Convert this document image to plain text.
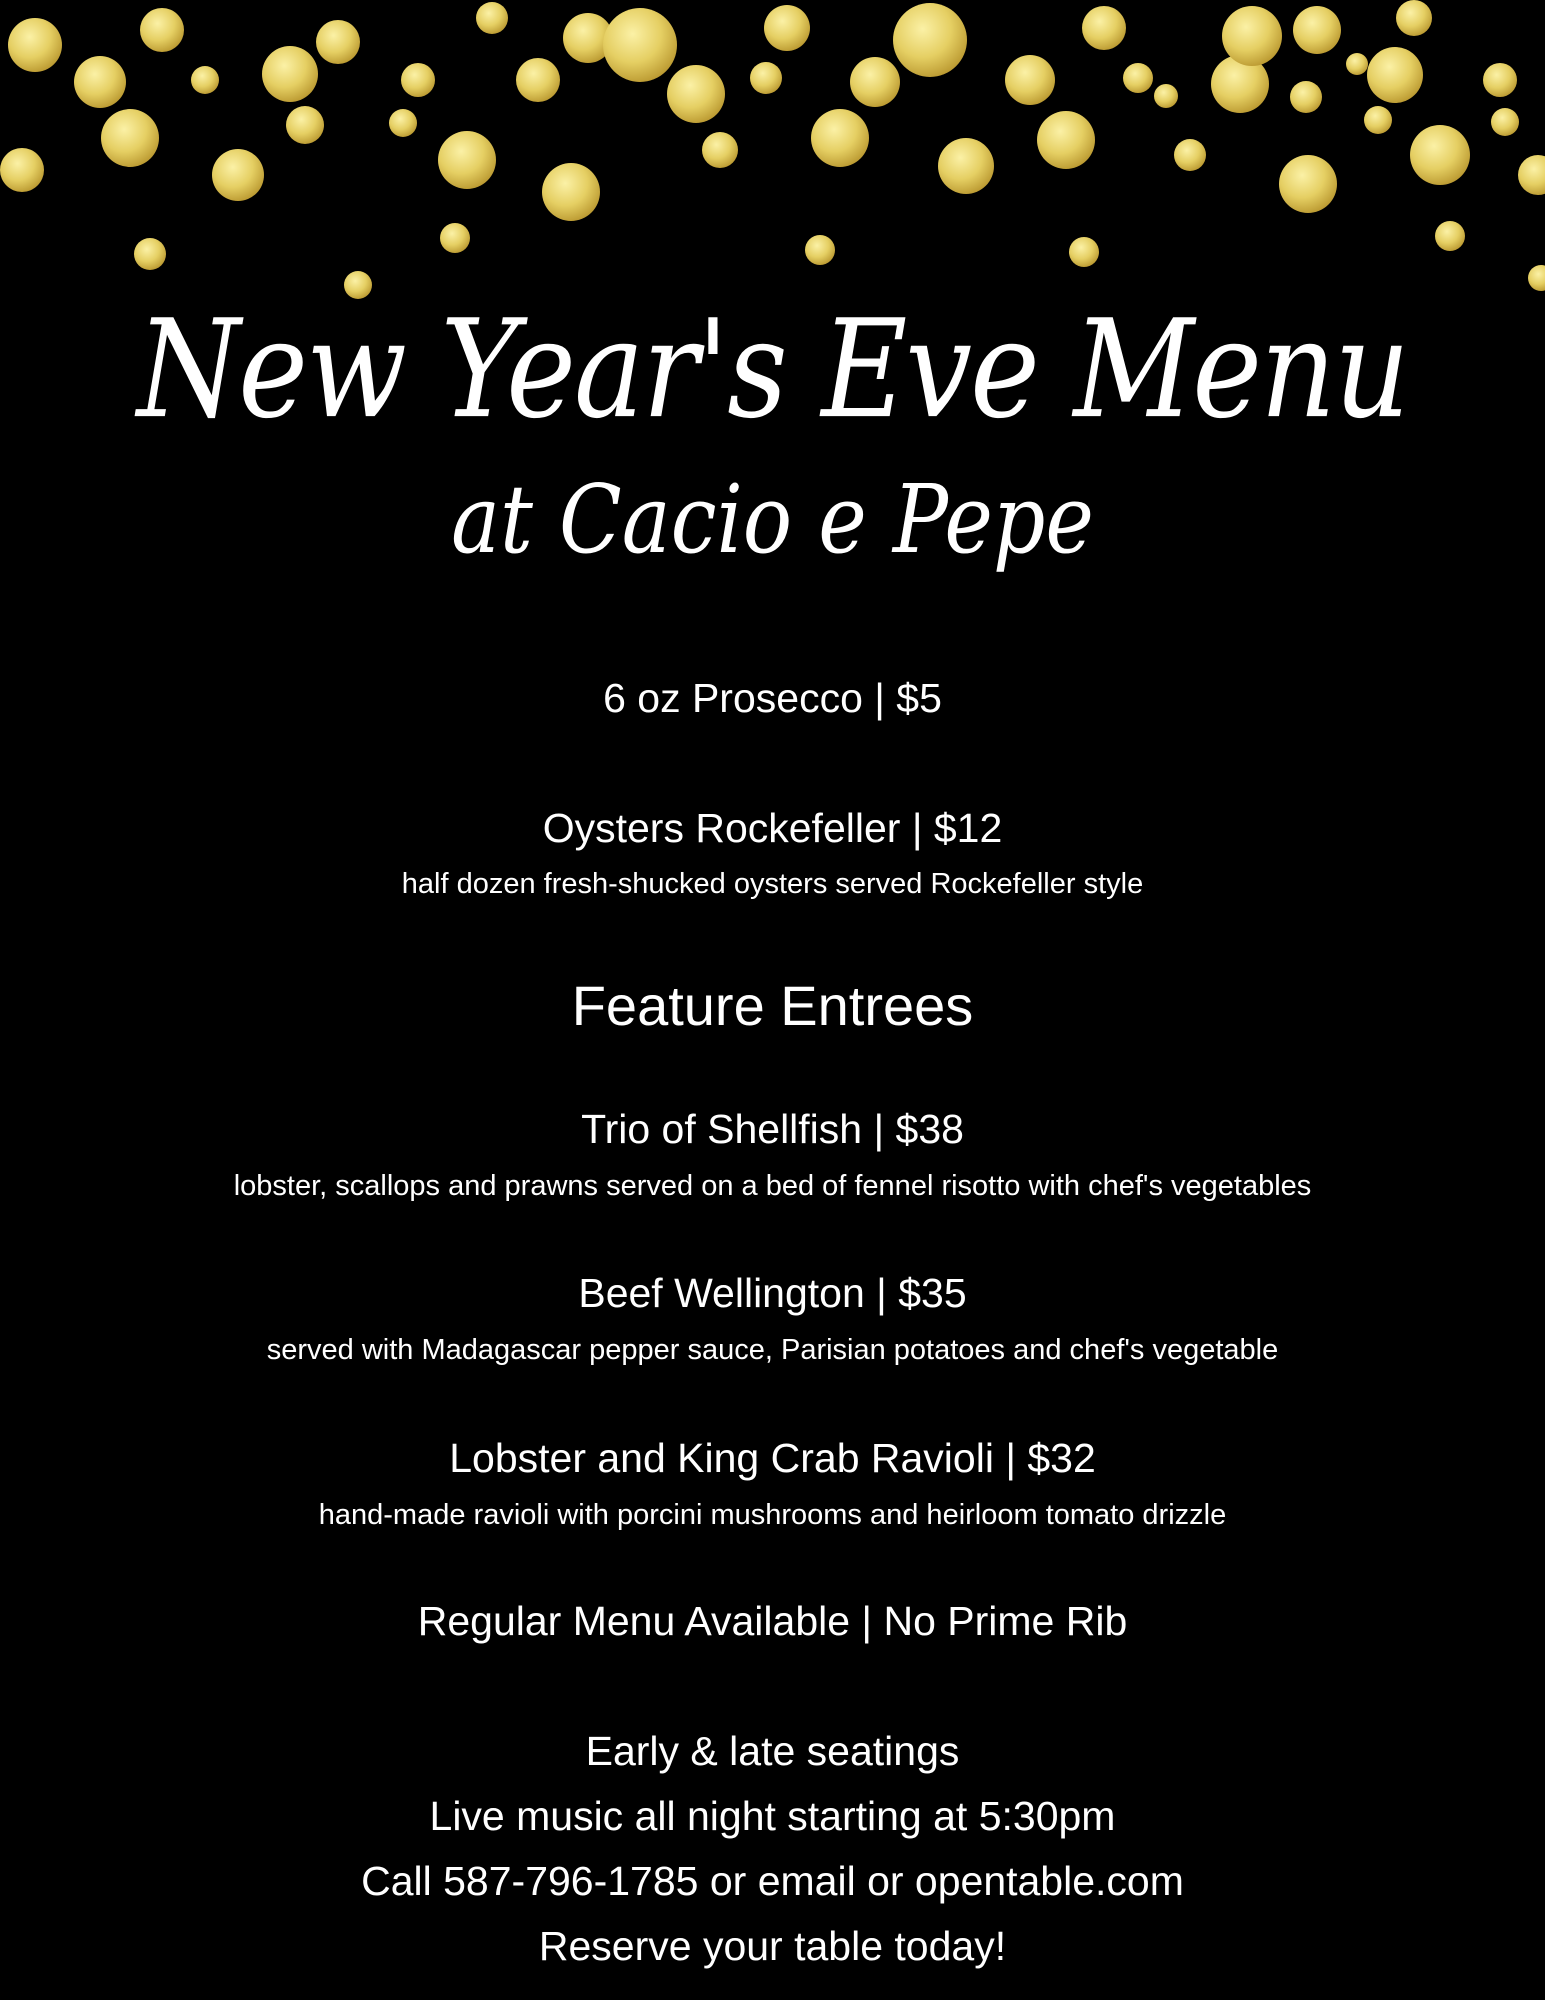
New Year's Eve Menu
at Cacio e Pepe
6 oz Prosecco | $5
Oysters Rockefeller | $12
half dozen fresh-shucked oysters served Rockefeller style
Feature Entrees
Trio of Shellfish | $38
lobster, scallops and prawns served on a bed of fennel risotto with chef's vegetables
Beef Wellington | $35
served with Madagascar pepper sauce, Parisian potatoes and chef's vegetable
Lobster and King Crab Ravioli | $32
hand-made ravioli with porcini mushrooms and heirloom tomato drizzle
Regular Menu Available | No Prime Rib
Early & late seatings
Live music all night starting at 5:30pm
Call 587-796-1785 or email or opentable.com
Reserve your table today!
